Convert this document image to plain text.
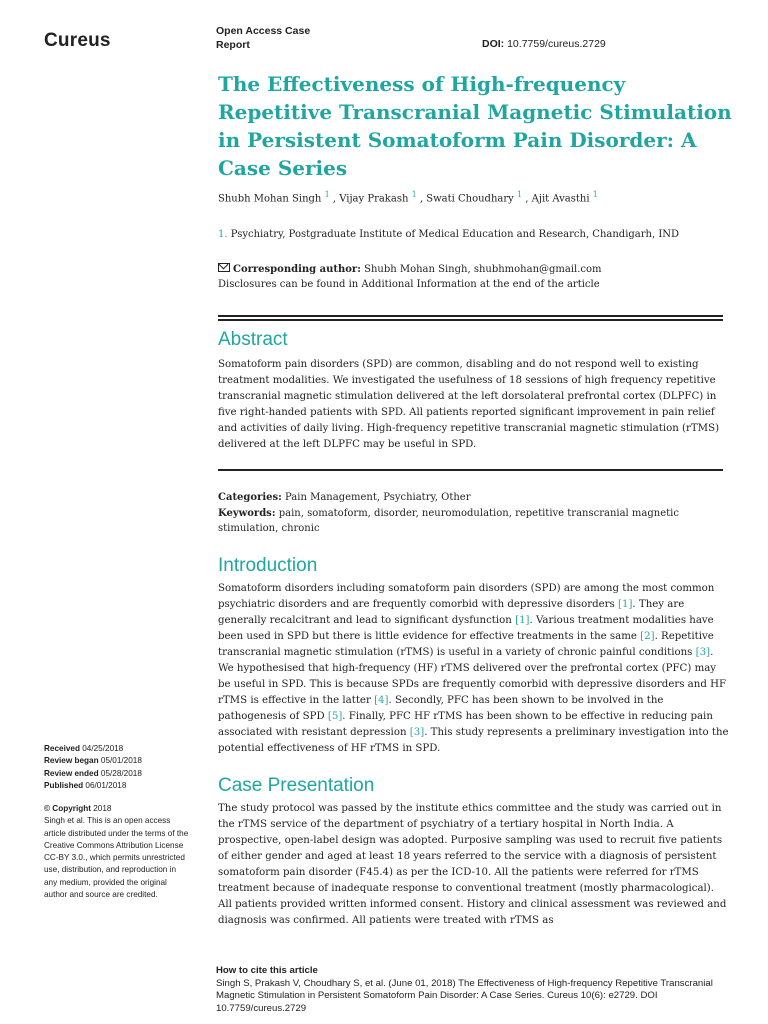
Cureus	Open Access Case
Report	DOI: 10.7759/cureus.2729
The Effectiveness of High-frequency Repetitive Transcranial Magnetic Stimulation in Persistent Somatoform Pain Disorder: A Case Series
Shubh Mohan Singh $^1$ , Vijay Prakash $^1$ , Swati Choudhary $^1$ , Ajit Avasthi $^1$
1. Psychiatry, Postgraduate Institute of Medical Education and Research, Chandigarh, IND
Corresponding author: Shubh Mohan Singh, shubhmohan@gmail.com
Disclosures can be found in Additional Information at the end of the article
Abstract
Somatoform pain disorders (SPD) are common, disabling and do not respond well to existing treatment modalities. We investigated the usefulness of 18 sessions of high frequency repetitive transcranial magnetic stimulation delivered at the left dorsolateral prefrontal cortex (DLPFC) in five right-handed patients with SPD. All patients reported significant improvement in pain relief and activities of daily living. High-frequency repetitive transcranial magnetic stimulation (rTMS) delivered at the left DLPFC may be useful in SPD.
Categories: Pain Management, Psychiatry, Other
Keywords: pain, somatoform, disorder, neuromodulation, repetitive transcranial magnetic stimulation, chronic
Introduction
Somatoform disorders including somatoform pain disorders (SPD) are among the most common psychiatric disorders and are frequently comorbid with depressive disorders [1]. They are generally recalcitrant and lead to significant dysfunction [1]. Various treatment modalities have been used in SPD but there is little evidence for effective treatments in the same [2]. Repetitive transcranial magnetic stimulation (rTMS) is useful in a variety of chronic painful conditions [3]. We hypothesised that high-frequency (HF) rTMS delivered over the prefrontal cortex (PFC) may be useful in SPD. This is because SPDs are frequently comorbid with depressive disorders and HF rTMS is effective in the latter [4]. Secondly, PFC has been shown to be involved in the pathogenesis of SPD [5]. Finally, PFC HF rTMS has been shown to be effective in reducing pain associated with resistant depression [3]. This study represents a preliminary investigation into the potential effectiveness of HF rTMS in SPD.
Case Presentation
The study protocol was passed by the institute ethics committee and the study was carried out in the rTMS service of the department of psychiatry of a tertiary hospital in North India. A prospective, open-label design was adopted. Purposive sampling was used to recruit five patients of either gender and aged at least 18 years referred to the service with a diagnosis of persistent somatoform pain disorder (F45.4) as per the ICD-10. All the patients were referred for rTMS treatment because of inadequate response to conventional treatment (mostly pharmacological). All patients provided written informed consent. History and clinical assessment was reviewed and diagnosis was confirmed. All patients were treated with rTMS as
Received 04/25/2018
Review began 05/01/2018
Review ended 05/28/2018
Published 06/01/2018
© Copyright 2018
Singh et al. This is an open access article distributed under the terms of the Creative Commons Attribution License CC-BY 3.0., which permits unrestricted use, distribution, and reproduction in any medium, provided the original author and source are credited.
How to cite this article
Singh S, Prakash V, Choudhary S, et al. (June 01, 2018) The Effectiveness of High-frequency Repetitive Transcranial Magnetic Stimulation in Persistent Somatoform Pain Disorder: A Case Series. Cureus 10(6): e2729. DOI 10.7759/cureus.2729
